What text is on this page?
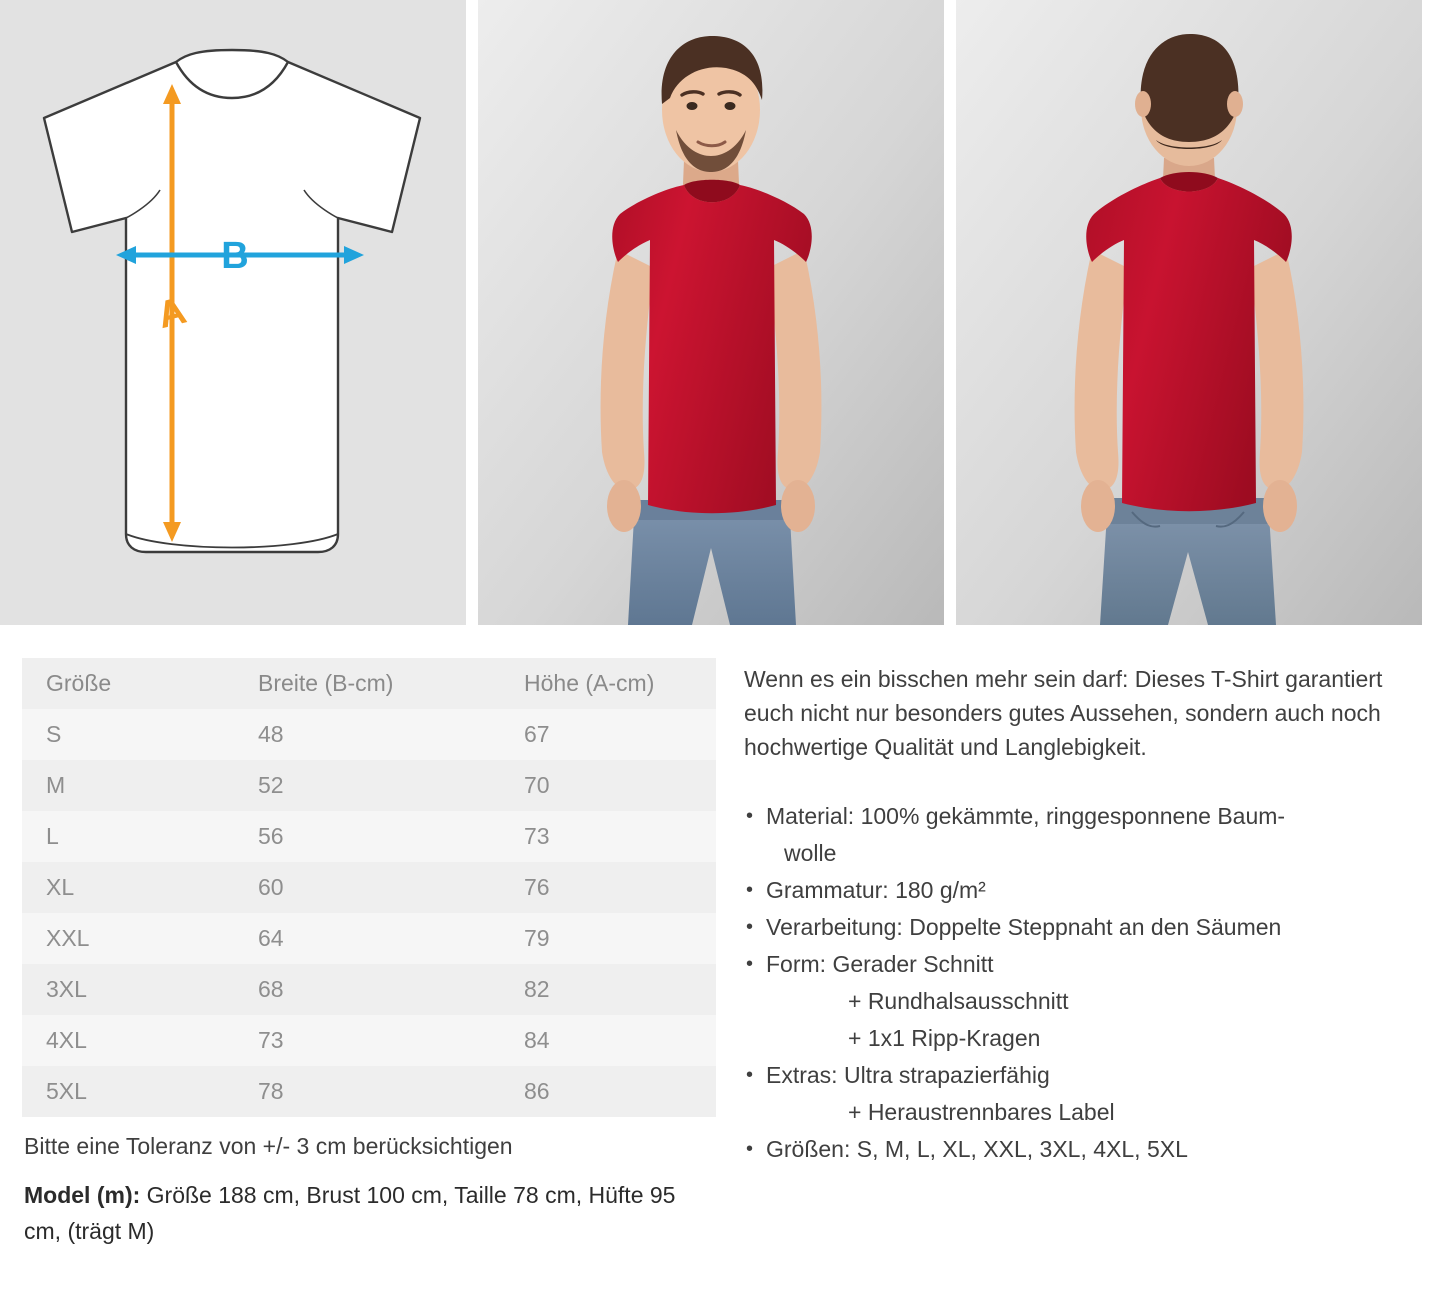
B
A
Größe	Breite (B-cm)	Höhe (A-cm)
S	48	67
M	52	70
L	56	73
XL	60	76
XXL	64	79
3XL	68	82
4XL	73	84
5XL	78	86
Bitte eine Toleranz von +/- 3 cm berücksichtigen
Model (m): Größe 188 cm, Brust 100 cm, Taille 78 cm, Hüfte 95 cm, (trägt M)

Wenn es ein bisschen mehr sein darf: Dieses T-Shirt garantiert euch nicht nur besonders gutes Aussehen, sondern auch noch hochwertige Qualität und Langlebigkeit.

• Material: 100% gekämmte, ringgesponnene Baum-
wolle
• Grammatur: 180 g/m²
• Verarbeitung: Doppelte Steppnaht an den Säumen
• Form: Gerader Schnitt
+ Rundhalsausschnitt
+ 1x1 Ripp-Kragen
• Extras: Ultra strapazierfähig
+ Heraustrennbares Label
• Größen: S, M, L, XL, XXL, 3XL, 4XL, 5XL
